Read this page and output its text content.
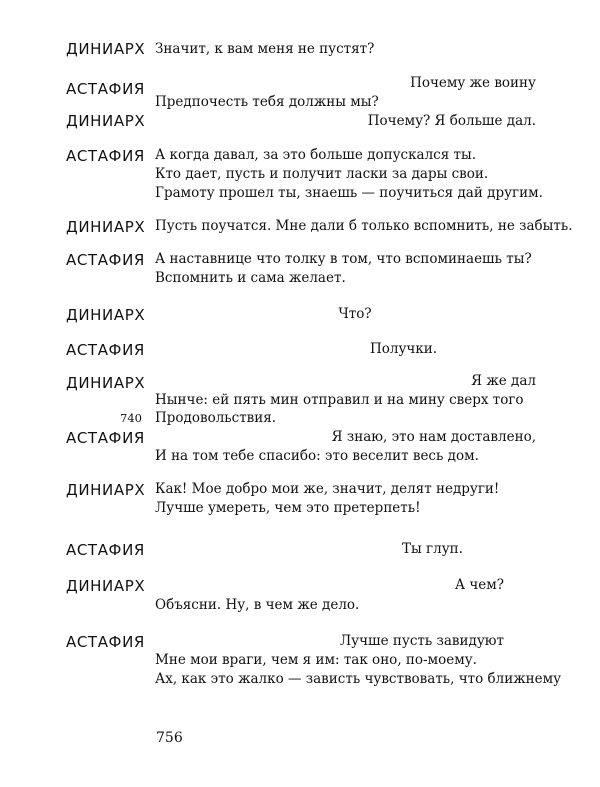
ДИНИАРХ Значит, к вам меня не пустят?
АСТАФИЯ	Почему же воину
Предпочесть тебя должны мы?
ДИНИАРХ	Почему? Я больше дал.
АСТАФИЯ А когда давал, за это больше допускался ты.
Кто дает, пусть и получит ласки за дары свои.
Грамоту прошел ты, знаешь — поучиться дай другим.
ДИНИАРХ Пусть поучатся. Мне дали б только вспомнить, не забыть.
АСТАФИЯ А наставнице что толку в том, что вспоминаешь ты?
Вспомнить и сама желает.
ДИНИАРХ	Что?
АСТАФИЯ	Получки.
ДИНИАРХ	Я же дал
Нынче: ей пять мин отправил и на мину сверх того
740 Продовольствия.
АСТАФИЯ	Я знаю, это нам доставлено,
И на том тебе спасибо: это веселит весь дом.
ДИНИАРХ Как! Мое добро мои же, значит, делят недруги!
Лучше умереть, чем это претерпеть!
АСТАФИЯ	Ты глуп.
ДИНИАРХ	А чем?
Объясни. Ну, в чем же дело.
АСТАФИЯ	Лучше пусть завидуют
Мне мои враги, чем я им: так оно, по-моему.
Ах, как это жалко — зависть чувствовать, что ближнему
756
